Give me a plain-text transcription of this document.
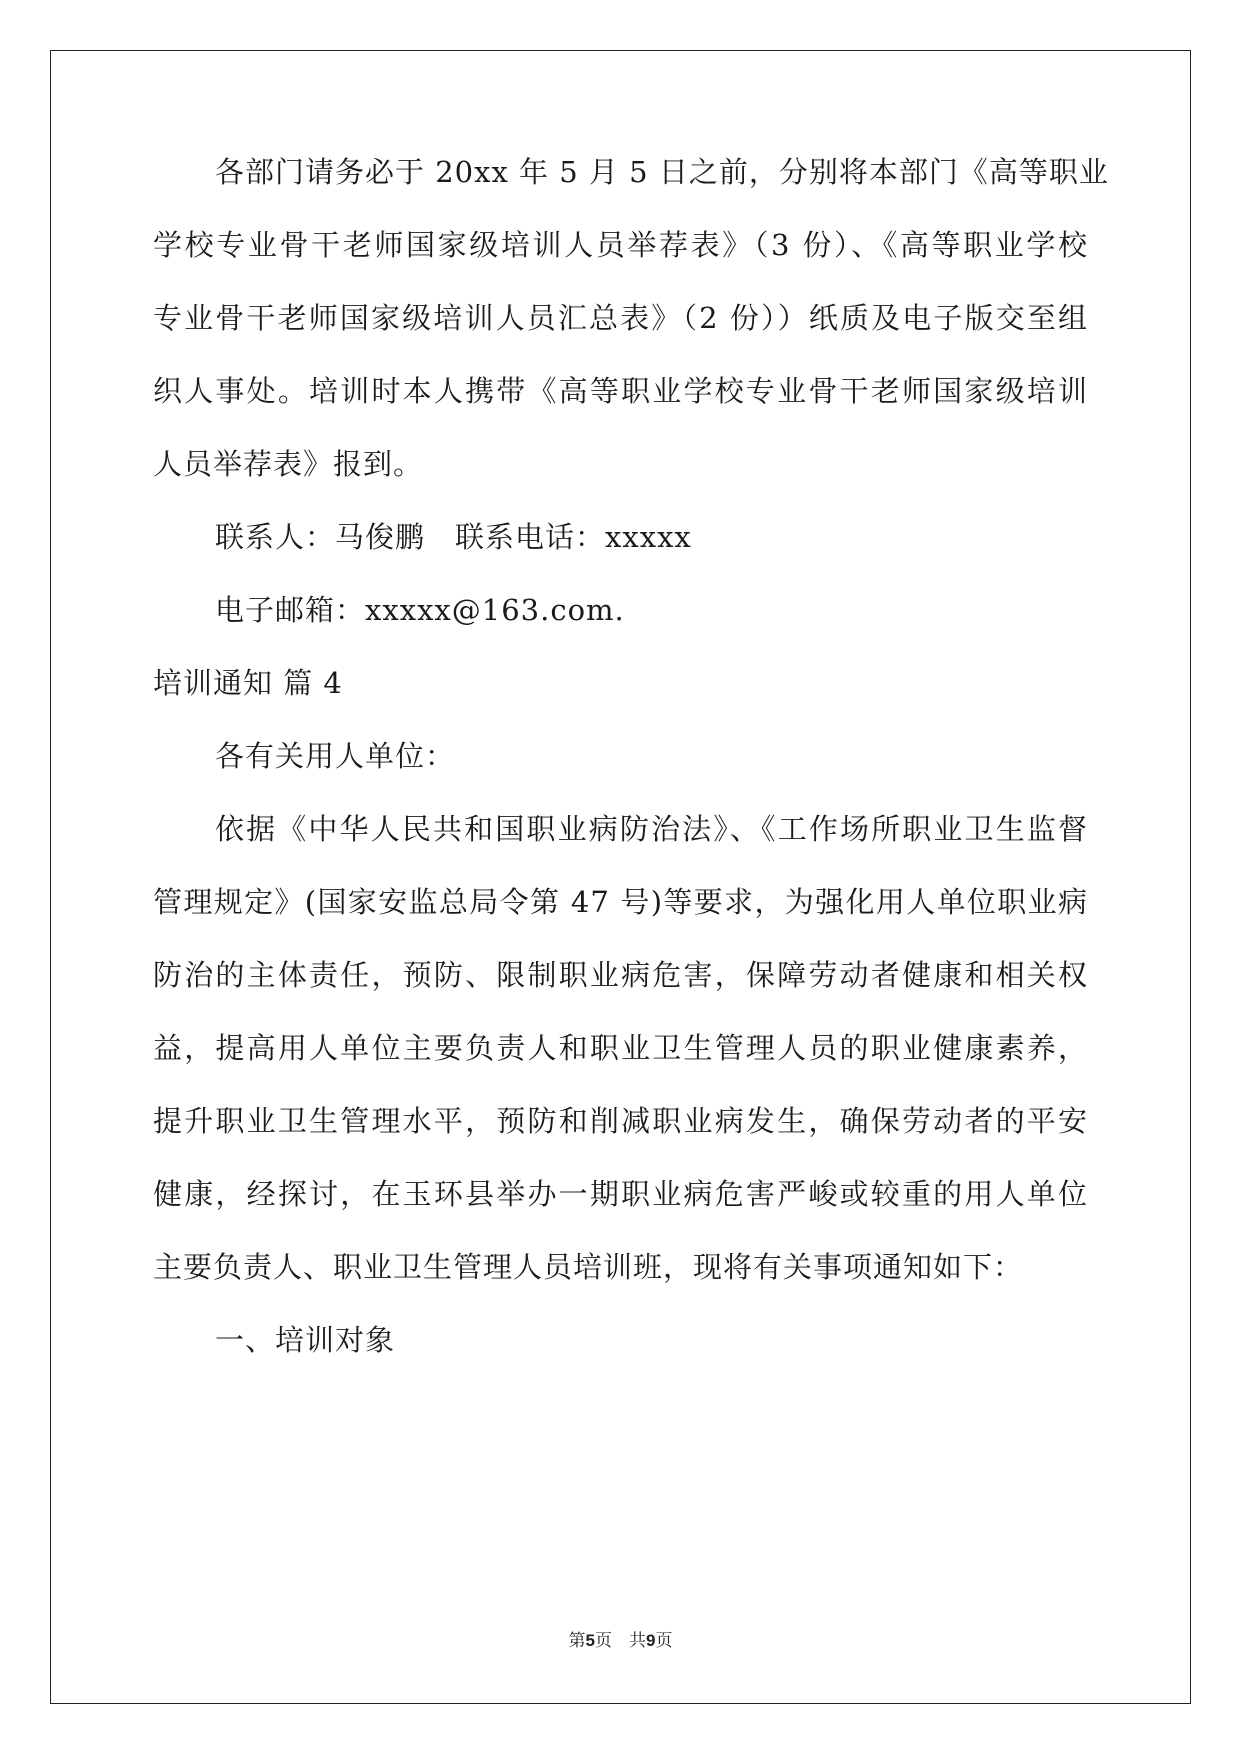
各部门请务必于 20xx 年 5 月 5 日之前，分别将本部门《高等职业
学校专业骨干老师国家级培训人员举荐表》（3 份）、《高等职业学校
专业骨干老师国家级培训人员汇总表》（2 份））纸质及电子版交至组
织人事处。培训时本人携带《高等职业学校专业骨干老师国家级培训
人员举荐表》报到。
联系人：马俊鹏　联系电话：xxxxx
电子邮箱：xxxxx@163.com.
培训通知 篇 4
各有关用人单位：
依据《中华人民共和国职业病防治法》、《工作场所职业卫生监督
管理规定》(国家安监总局令第 47 号)等要求，为强化用人单位职业病
防治的主体责任，预防、限制职业病危害，保障劳动者健康和相关权
益，提高用人单位主要负责人和职业卫生管理人员的职业健康素养，
提升职业卫生管理水平，预防和削减职业病发生，确保劳动者的平安
健康，经探讨，在玉环县举办一期职业病危害严峻或较重的用人单位
主要负责人、职业卫生管理人员培训班，现将有关事项通知如下：
一、培训对象
第5页　共9页
